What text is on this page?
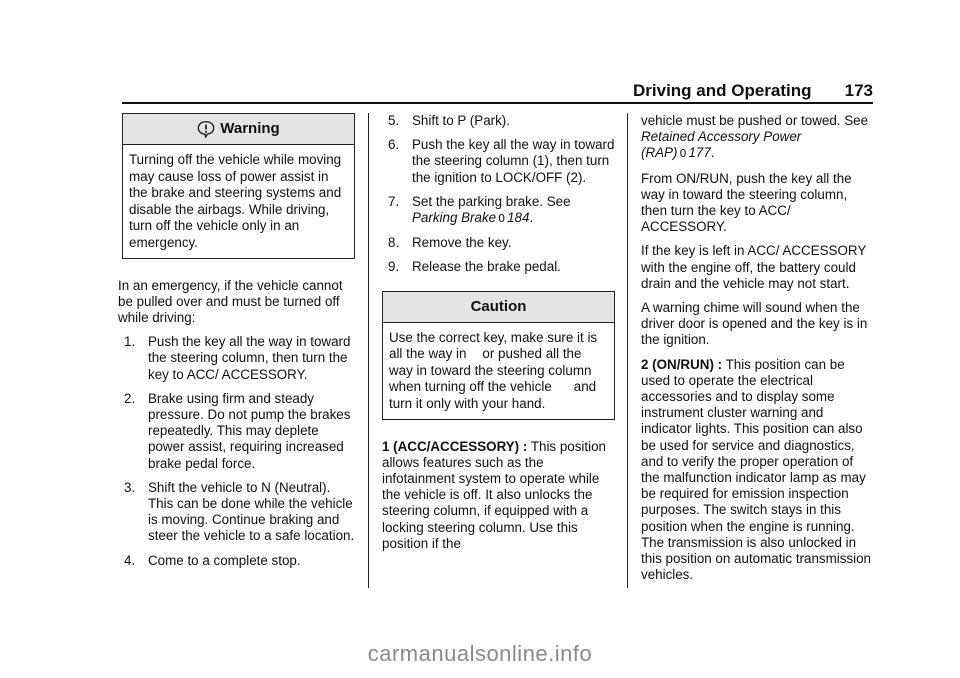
Driving and Operating 173
Warning
Turning off the vehicle while moving may cause loss of power assist in the brake and steering systems and disable the airbags. While driving, turn off the vehicle only in an emergency.

In an emergency, if the vehicle cannot be pulled over and must be turned off while driving:

1. Push the key all the way in toward the steering column, then turn the key to ACC/ ACCESSORY.
2. Brake using firm and steady pressure. Do not pump the brakes repeatedly. This may deplete power assist, requiring increased brake pedal force.
3. Shift the vehicle to N (Neutral). This can be done while the vehicle is moving. Continue braking and steer the vehicle to a safe location.
4. Come to a complete stop.
5. Shift to P (Park).
6. Push the key all the way in toward the steering column (1), then turn the ignition to LOCK/OFF (2).
7. Set the parking brake. See Parking Brake 0 184.
8. Remove the key.
9. Release the brake pedal.
Caution
Use the correct key, make sure it is all the way in or pushed all the way in toward the steering column when turning off the vehicle and turn it only with your hand.

1 (ACC/ACCESSORY) : This position allows features such as the infotainment system to operate while the vehicle is off. It also unlocks the steering column, if equipped with a locking steering column. Use this position if the

vehicle must be pushed or towed. See Retained Accessory Power (RAP) 0 177.

From ON/RUN, push the key all the way in toward the steering column, then turn the key to ACC/ ACCESSORY.

If the key is left in ACC/ ACCESSORY with the engine off, the battery could drain and the vehicle may not start.

A warning chime will sound when the driver door is opened and the key is in the ignition.

2 (ON/RUN) : This position can be used to operate the electrical accessories and to display some instrument cluster warning and indicator lights. This position can also be used for service and diagnostics, and to verify the proper operation of the malfunction indicator lamp as may be required for emission inspection purposes. The switch stays in this position when the engine is running. The transmission is also unlocked in this position on automatic transmission vehicles.

carmanualsonline.info
